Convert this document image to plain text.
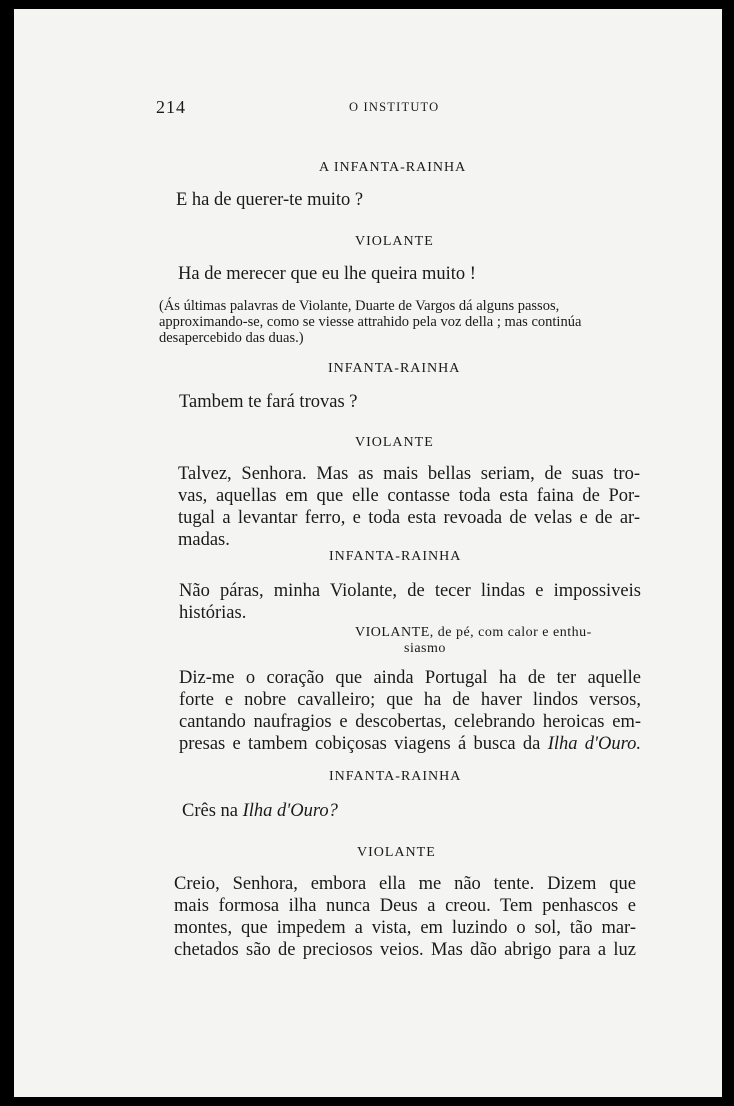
214	O INSTITUTO
A INFANTA-RAINHA
E ha de querer-te muito ?
VIOLANTE
Ha de merecer que eu lhe queira muito !
(Ás últimas palavras de Violante, Duarte de Vargos dá alguns passos,
approximando-se, como se viesse attrahido pela voz della ; mas continúa
desapercebido das duas.)
INFANTA-RAINHA
Tambem te fará trovas ?
VIOLANTE
Talvez, Senhora. Mas as mais bellas seriam, de suas tro-
vas, aquellas em que elle contasse toda esta faina de Por-
tugal a levantar ferro, e toda esta revoada de velas e de ar-
madas.
INFANTA-RAINHA
Não páras, minha Violante, de tecer lindas e impossiveis
histórias.
VIOLANTE, de pé, com calor e enthu-
siasmo
Diz-me o coração que ainda Portugal ha de ter aquelle
forte e nobre cavalleiro; que ha de haver lindos versos,
cantando naufragios e descobertas, celebrando heroicas em-
presas e tambem cobiçosas viagens á busca da Ilha d'Ouro.
INFANTA-RAINHA
Crês na Ilha d'Ouro?
VIOLANTE
Creio, Senhora, embora ella me não tente. Dizem que
mais formosa ilha nunca Deus a creou. Tem penhascos e
montes, que impedem a vista, em luzindo o sol, tão mar-
chetados são de preciosos veios. Mas dão abrigo para a luz
